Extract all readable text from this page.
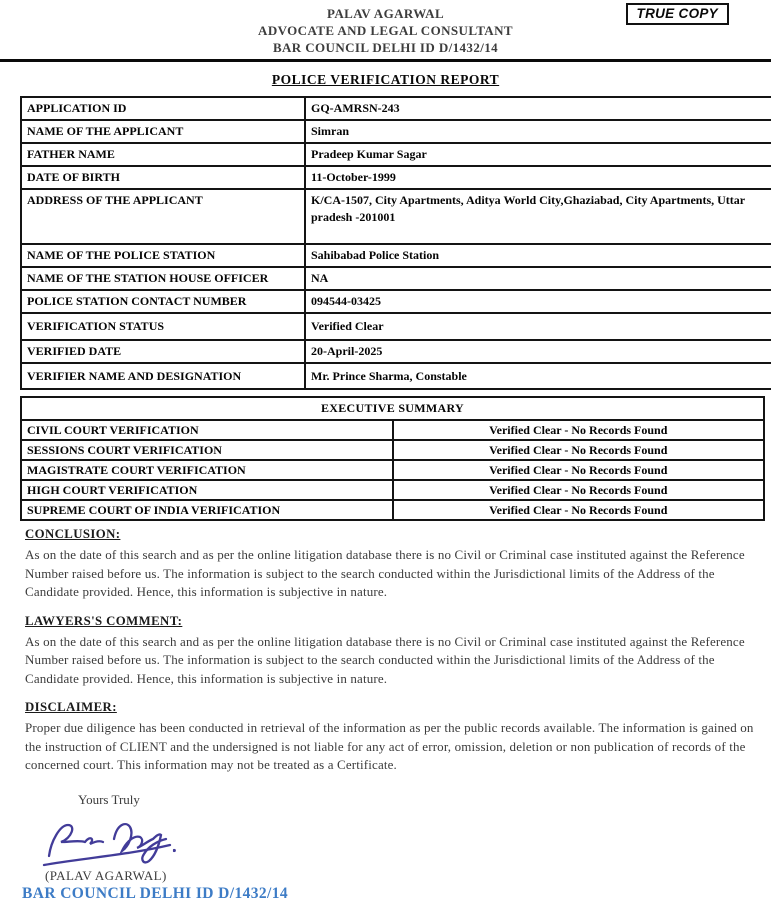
PALAV AGARWAL
ADVOCATE AND LEGAL CONSULTANT
BAR COUNCIL DELHI ID D/1432/14
TRUE COPY
POLICE VERIFICATION REPORT
APPLICATION ID	GQ-AMRSN-243
NAME OF THE APPLICANT	Simran
FATHER NAME	Pradeep Kumar Sagar
DATE OF BIRTH	11-October-1999
ADDRESS OF THE APPLICANT	K/CA-1507, City Apartments, Aditya World City,Ghaziabad, City Apartments, Uttar pradesh -201001
NAME OF THE POLICE STATION	Sahibabad Police Station
NAME OF THE STATION HOUSE OFFICER	NA
POLICE STATION CONTACT NUMBER	094544-03425
VERIFICATION STATUS	Verified Clear
VERIFIED DATE	20-April-2025
VERIFIER NAME AND DESIGNATION	Mr. Prince Sharma, Constable
EXECUTIVE SUMMARY	
CIVIL COURT VERIFICATION	Verified Clear - No Records Found
SESSIONS COURT VERIFICATION	Verified Clear - No Records Found
MAGISTRATE COURT VERIFICATION	Verified Clear - No Records Found
HIGH COURT VERIFICATION	Verified Clear - No Records Found
SUPREME COURT OF INDIA VERIFICATION	Verified Clear - No Records Found
CONCLUSION:
As on the date of this search and as per the online litigation database there is no Civil or Criminal case instituted against the Reference Number raised before us. The information is subject to the search conducted within the Jurisdictional limits of the Address of the Candidate provided. Hence, this information is subjective in nature.
LAWYERS'S COMMENT:
As on the date of this search and as per the online litigation database there is no Civil or Criminal case instituted against the Reference Number raised before us. The information is subject to the search conducted within the Jurisdictional limits of the Address of the Candidate provided. Hence, this information is subjective in nature.
DISCLAIMER:
Proper due diligence has been conducted in retrieval of the information as per the public records available. The information is gained on the instruction of CLIENT and the undersigned is not liable for any act of error, omission, deletion or non publication of records of the concerned court. This information may not be treated as a Certificate.
Yours Truly
(PALAV AGARWAL)
BAR COUNCIL DELHI ID D/1432/14
